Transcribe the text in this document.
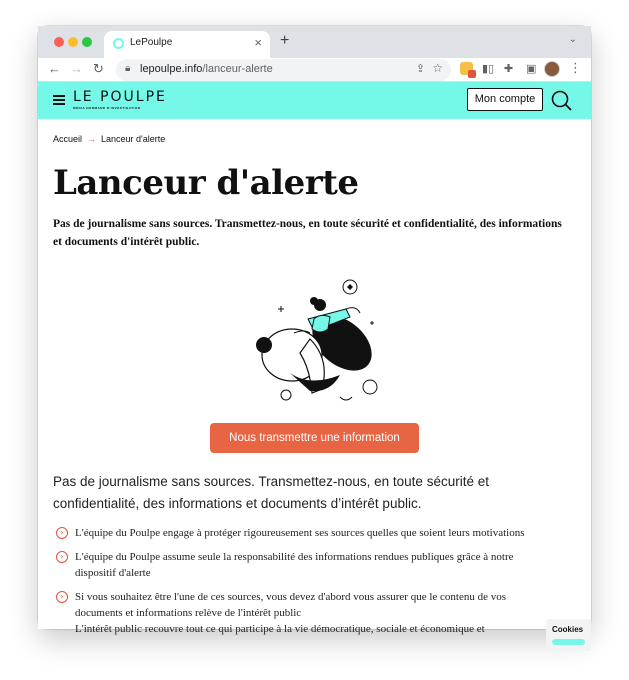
LePoulpe	× +	⌄
← → ↻ 🔒︎ lepoulpe.info/lanceur-alerte	⇪ ☆	▮▯ ✚ ▣	⋮
LE POULPE
MÉDIA NORMAND D'INVESTIGATION
Mon compte
Accueil → Lanceur d'alerte
Lanceur d'alerte

Pas de journalisme sans sources. Transmettez-nous, en toute sécurité et confidentialité, des informations et documents d'intérêt public.

Nous transmettre une information

Pas de journalisme sans sources. Transmettez-nous, en toute sécurité et confidentialité, des informations et documents d’intérêt public.

›	L'équipe du Poulpe engage à protéger rigoureusement ses sources quelles que soient leurs motivations
›	L'équipe du Poulpe assume seule la responsabilité des informations rendues publiques grâce à notre dispositif d'alerte
›	Si vous souhaitez être l'une de ces sources, vous devez d'abord vous assurer que le contenu de vos documents et informations relève de l'intérêt public
L'intérêt public recouvre tout ce qui participe à la vie démocratique, sociale et économique et	Cookies
